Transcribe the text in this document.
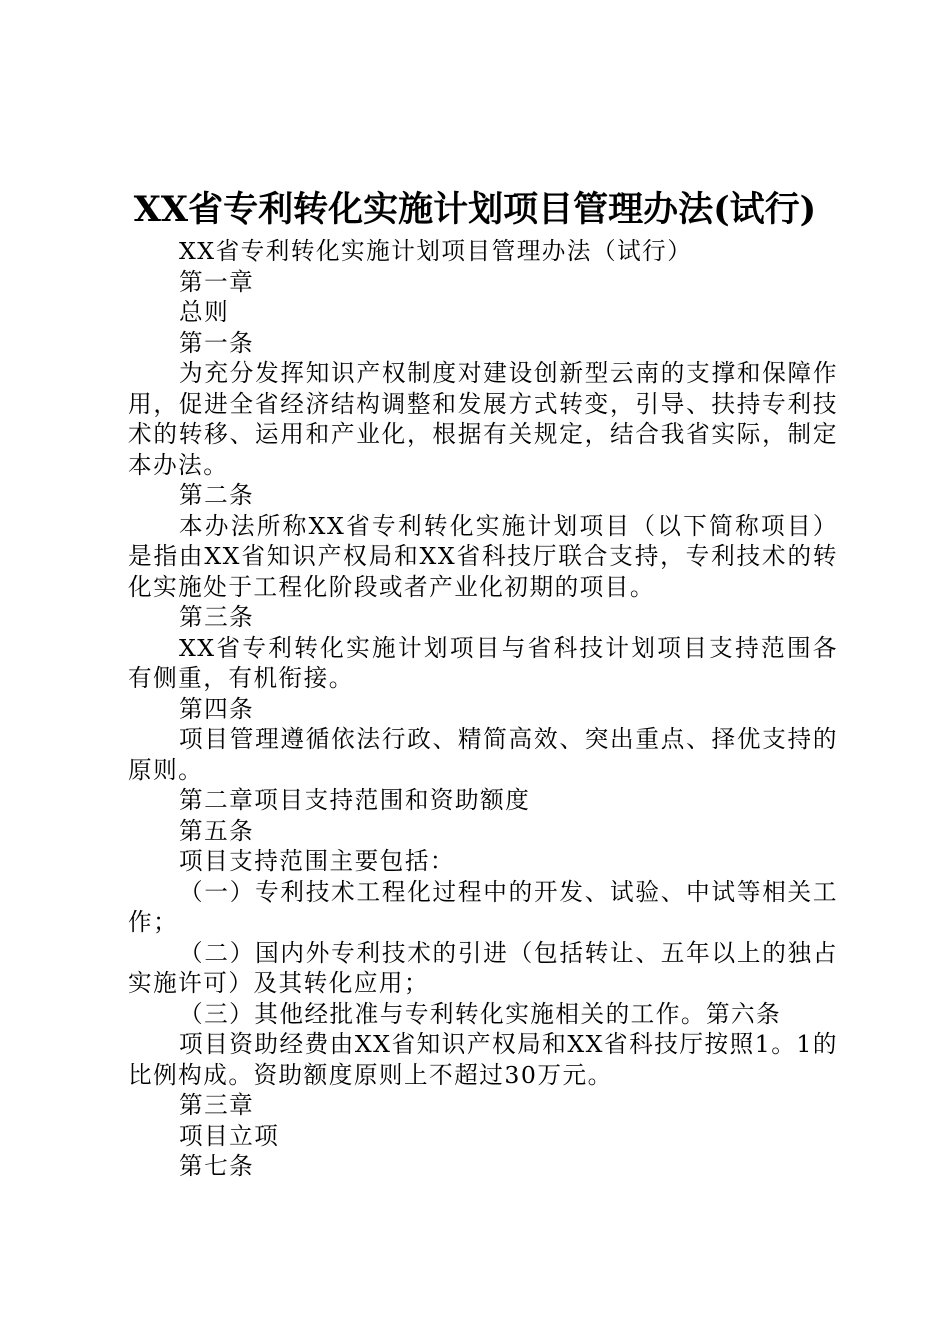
XX省专利转化实施计划项目管理办法(试行)
XX省专利转化实施计划项目管理办法（试行）
第一章
总则
第一条
为充分发挥知识产权制度对建设创新型云南的支撑和保障作用，促进全省经济结构调整和发展方式转变，引导、扶持专利技术的转移、运用和产业化，根据有关规定，结合我省实际，制定本办法。
第二条
本办法所称XX省专利转化实施计划项目（以下简称项目）是指由XX省知识产权局和XX省科技厅联合支持，专利技术的转化实施处于工程化阶段或者产业化初期的项目。
第三条
XX省专利转化实施计划项目与省科技计划项目支持范围各有侧重，有机衔接。
第四条
项目管理遵循依法行政、精简高效、突出重点、择优支持的原则。
第二章项目支持范围和资助额度
第五条
项目支持范围主要包括：
（一）专利技术工程化过程中的开发、试验、中试等相关工作；
（二）国内外专利技术的引进（包括转让、五年以上的独占实施许可）及其转化应用；
（三）其他经批准与专利转化实施相关的工作。第六条
项目资助经费由XX省知识产权局和XX省科技厅按照1。1的比例构成。资助额度原则上不超过30万元。
第三章
项目立项
第七条
